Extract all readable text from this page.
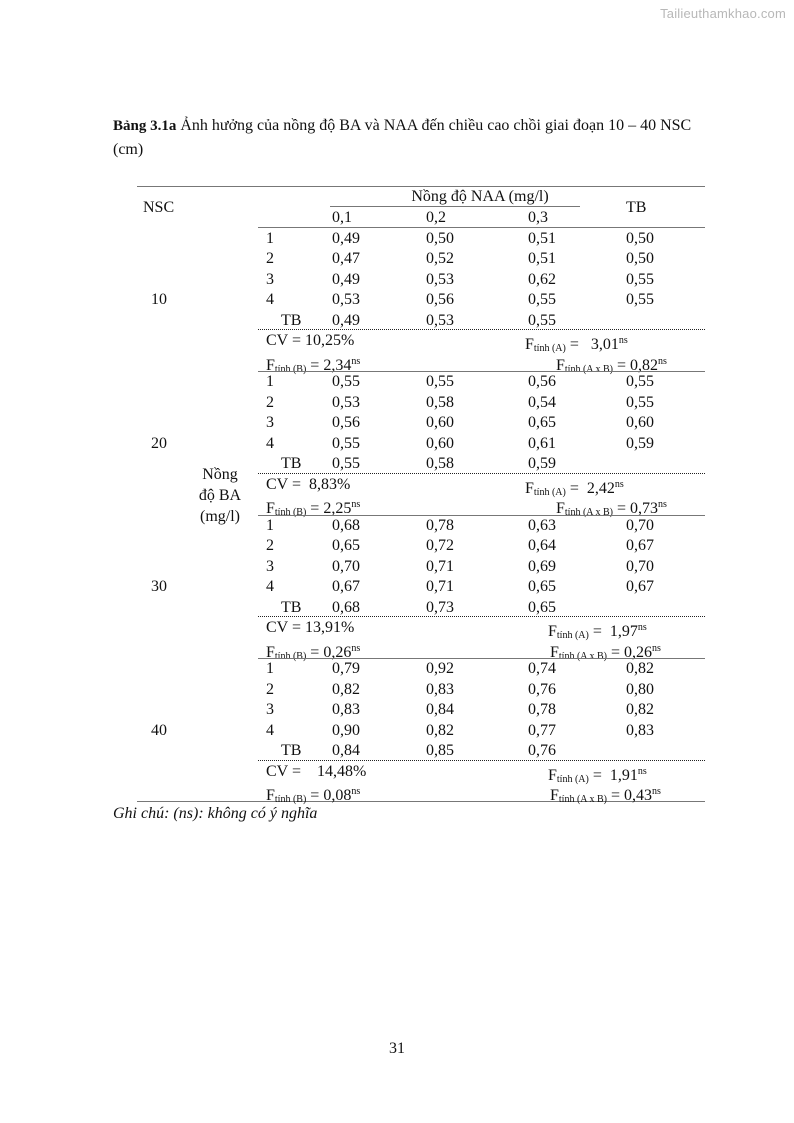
Tailieuthamkhao.com
Bảng 3.1a Ảnh hưởng của nồng độ BA và NAA đến chiều cao chồi giai đoạn 10 – 40 NSC (cm)
NSC
Nồng độ NAA (mg/l)
0,1	0,2	0,3
TB
Nồng
độ BA
(mg/l)
10
1	0,49	0,50	0,51	0,50
2	0,47	0,52	0,51	0,50
3	0,49	0,53	0,62	0,55
4	0,53	0,56	0,55	0,55
TB 0,49	0,53	0,55
CV = 10,25%	$F_{tính (A)} = 3,01^{ns}$
$F_{tính (B)} = 2,34^{ns}$	$F_{tính (A x B)} = 0,82^{ns}$
20
1	0,55	0,55	0,56	0,55
2	0,53	0,58	0,54	0,55
3	0,56	0,60	0,65	0,60
4	0,55	0,60	0,61	0,59
TB 0,55	0,58	0,59
CV =  8,83%	$F_{tính (A)} = 2,42^{ns}$
$F_{tính (B)} = 2,25^{ns}$	$F_{tính (A x B)} = 0,73^{ns}$
30
1	0,68	0,78	0,63	0,70
2	0,65	0,72	0,64	0,67
3	0,70	0,71	0,69	0,70
4	0,67	0,71	0,65	0,67
TB 0,68	0,73	0,65
CV = 13,91%	$F_{tính (A)} = 1,97^{ns}$
$F_{tính (B)} = 0,26^{ns}$	$F_{tính (A x B)} = 0,26^{ns}$
40
1	0,79	0,92	0,74	0,82
2	0,82	0,83	0,76	0,80
3	0,83	0,84	0,78	0,82
4	0,90	0,82	0,77	0,83
TB 0,84	0,85	0,76
CV =    14,48%	$F_{tính (A)} = 1,91^{ns}$
$F_{tính (B)} = 0,08^{ns}$	$F_{tính (A x B)} = 0,43^{ns}$
Ghi chú: (ns): không có ý nghĩa
31
